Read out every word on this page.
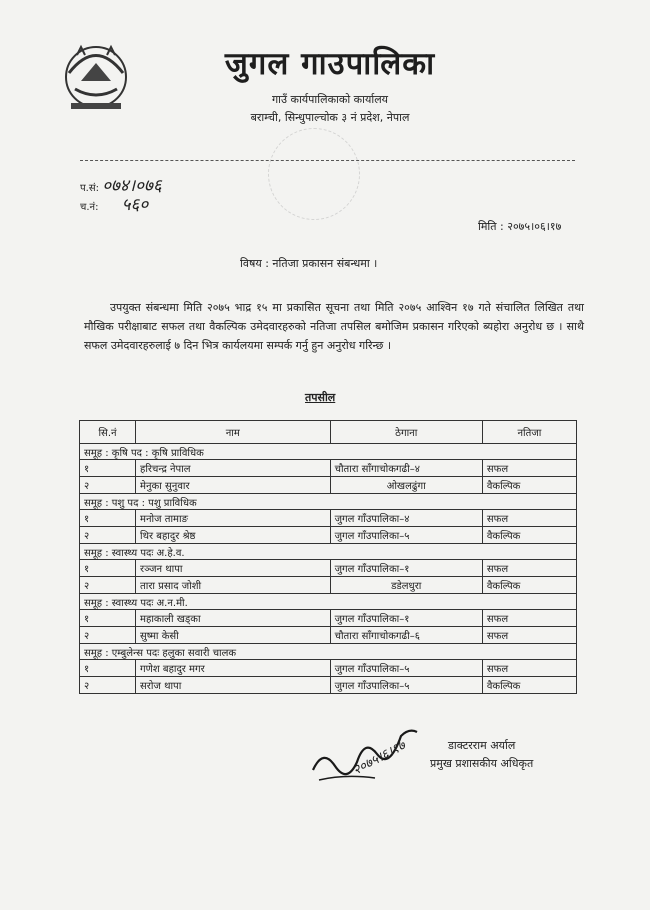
जुगल गाउपालिका
गाउँ कार्यपालिकाको कार्यालय
बराम्ची, सिन्धुपाल्चोक ३ नं प्रदेश, नेपाल
प.सं: ०७४।०७६
च.नं: ५६०
मिति : २०७५।०६।१७
विषय : नतिजा प्रकासन संबन्धमा ।
उपयुक्त संबन्धमा मिति २०७५ भाद्र १५ मा प्रकासित सूचना तथा मिति २०७५ आश्विन १७ गते संचालित लिखित तथा मौखिक परीक्षाबाट सफल तथा वैकल्पिक उमेदवारहरुको नतिजा तपसिल बमोजिम प्रकासन गरिएको ब्यहोरा अनुरोध छ । साथै सफल उमेदवारहरुलाई ७ दिन भित्र कार्यलयमा सम्पर्क गर्नु हुन अनुरोध गरिन्छ ।
तपसील
सि.नं	नाम	ठेगाना	नतिजा
समूह : कृषि पद : कृषि प्राविधिक			
१	हरिचन्द्र नेपाल	चौतारा साँगाचोकगढी–४	सफल
२	मेनुका सुनुवार	ओखलढुंगा	वैकल्पिक
समूह : पशु पद : पशु प्राविधिक			
१	मनोज तामाङ	जुगल गाँउपालिका–४	सफल
२	थिर बहादुर श्रेष्ठ	जुगल गाँउपालिका–५	वैकल्पिक
समूह : स्वास्थ्य पदः अ.हे.व.			
१	रञ्जन थापा	जुगल गाँउपालिका–१	सफल
२	तारा प्रसाद जोशी	डडेलधुरा	वैकल्पिक
समूह : स्वास्थ्य पदः अ.न.मी.			
१	महाकाली खड्का	जुगल गाँउपालिका–१	सफल
२	सुष्मा केसी	चौतारा साँगाचोकगढी–६	सफल
समूह : एम्बुलेन्स पदः हलुका सवारी चालक			
१	गणेश बहादुर मगर	जुगल गाँउपालिका–५	सफल
२	सरोज थापा	जुगल गाँउपालिका–५	वैकल्पिक
२०७५।६।१७	डाक्टरराम अर्याल
प्रमुख प्रशासकीय अधिकृत
